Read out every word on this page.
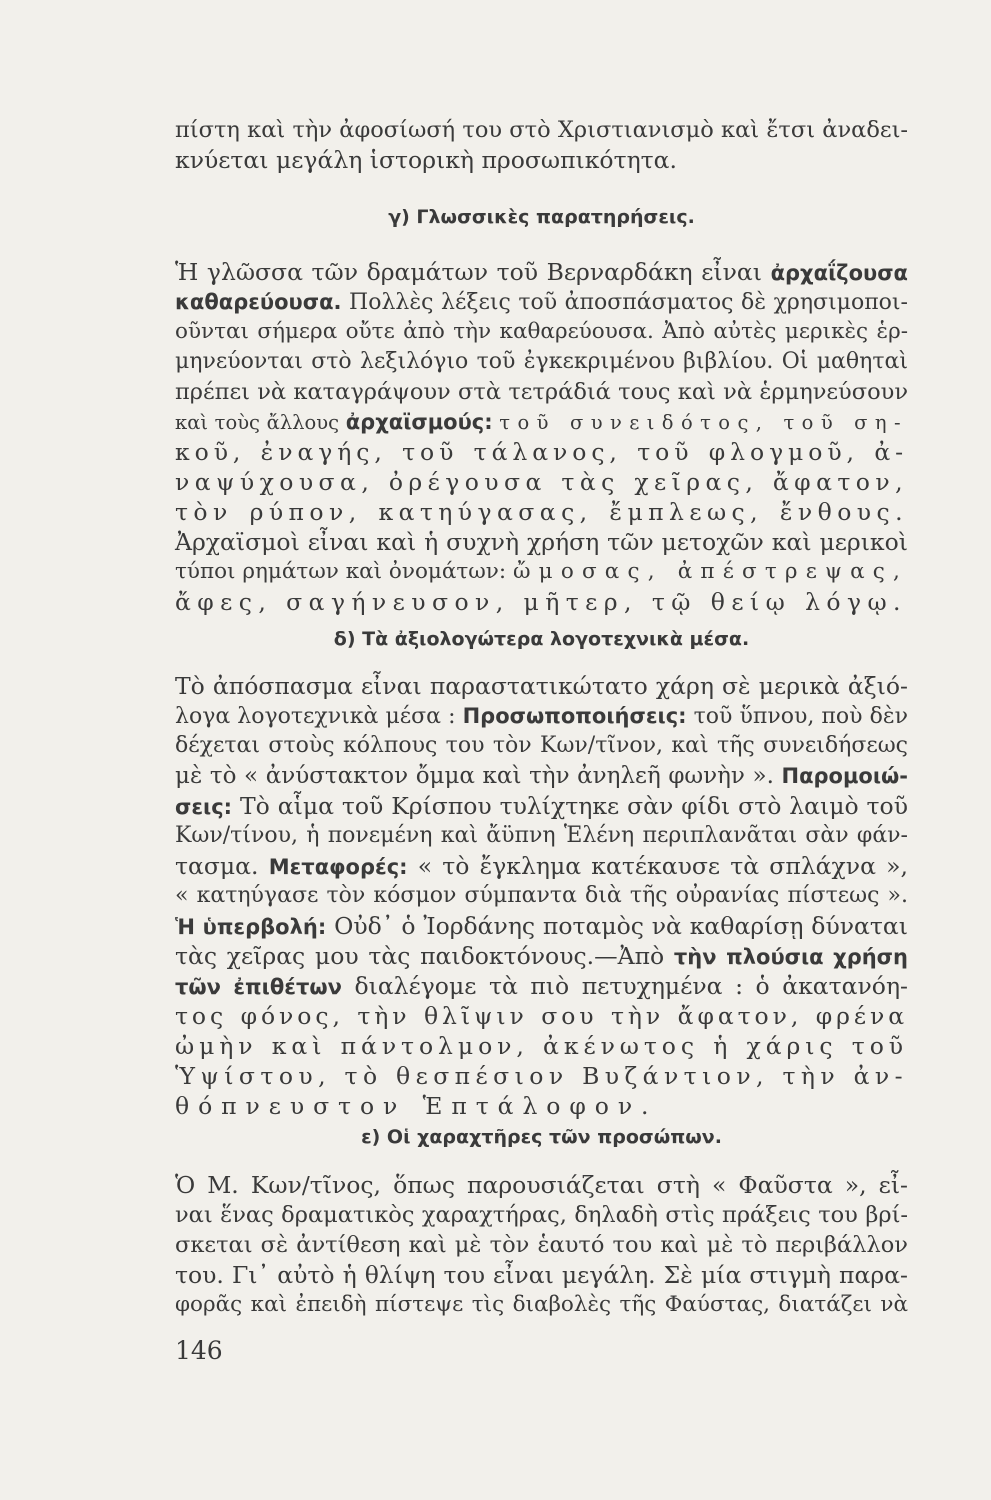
πίστη καὶ τὴν ἀφοσίωσή του στὸ Χριστιανισμὸ καὶ ἔτσι ἀναδει-
κνύεται μεγάλη ἱστορικὴ προσωπικότητα.
γ) Γλωσσικὲς παρατηρήσεις.
Ἡ γλῶσσα τῶν δραμάτων τοῦ Βερναρδάκη εἶναι ἀρχαΐζουσα
καθαρεύουσα. Πολλὲς λέξεις τοῦ ἀποσπάσματος δὲ χρησιμοποι-
οῦνται σήμερα οὔτε ἀπὸ τὴν καθαρεύουσα. Ἀπὸ αὐτὲς μερικὲς ἑρ-
μηνεύονται στὸ λεξιλόγιο τοῦ ἐγκεκριμένου βιβλίου. Οἱ μαθηταὶ
πρέπει νὰ καταγράψουν στὰ τετράδιά τους καὶ νὰ ἑρμηνεύσουν
καὶ τοὺς ἄλλους ἀρχαϊσμούς: τοῦ συνειδότος, τοῦ ση-
κοῦ, ἐναγής, τοῦ τάλανος, τοῦ φλογμοῦ, ἀ-
ναψύχουσα, ὀρέγουσα τὰς χεῖρας, ἄφατον,
τὸν ρύπον, κατηύγασας, ἔμπλεως, ἔνθους.
Ἀρχαϊσμοὶ εἶναι καὶ ἡ συχνὴ χρήση τῶν μετοχῶν καὶ μερικοὶ
τύποι ρημάτων καὶ ὀνομάτων: ὤμοσας, ἀπέστρεψας,
ἄφες, σαγήνευσον, μῆτερ, τῷ θείῳ λόγῳ.
δ) Τὰ ἀξιολογώτερα λογοτεχνικὰ μέσα.
Τὸ ἀπόσπασμα εἶναι παραστατικώτατο χάρη σὲ μερικὰ ἀξιό-
λογα λογοτεχνικὰ μέσα : Προσωποποιήσεις: τοῦ ὕπνου, ποὺ δὲν
δέχεται στοὺς κόλπους του τὸν Κων/τῖνον, καὶ τῆς συνειδήσεως
μὲ τὸ « ἀνύστακτον ὄμμα καὶ τὴν ἀνηλεῆ φωνὴν ». Παρομοιώ-
σεις: Τὸ αἷμα τοῦ Κρίσπου τυλίχτηκε σὰν φίδι στὸ λαιμὸ τοῦ
Κων/τίνου, ἡ πονεμένη καὶ ἄϋπνη Ἑλένη περιπλανᾶται σὰν φάν-
τασμα. Μεταφορές: « τὸ ἔγκλημα κατέκαυσε τὰ σπλάχνα »,
« κατηύγασε τὸν κόσμον σύμπαντα διὰ τῆς οὐρανίας πίστεως ».
Ἡ ὑπερβολή: Οὐδ᾿ ὁ Ἰορδάνης ποταμὸς νὰ καθαρίσῃ δύναται
τὰς χεῖρας μου τὰς παιδοκτόνους.—Ἀπὸ τὴν πλούσια χρήση
τῶν ἐπιθέτων διαλέγομε τὰ πιὸ πετυχημένα : ὁ ἀκατανόη-
τος φόνος, τὴν θλῖψιν σου τὴν ἄφατον, φρένα
ὠμὴν καὶ πάντολμον, ἀκένωτος ἡ χάρις τοῦ
Ὑψίστου, τὸ θεσπέσιον Βυζάντιον, τὴν ἀν-
θόπνευστον Ἑπτάλοφον.
ε) Οἱ χαραχτῆρες τῶν προσώπων.
Ὁ Μ. Κων/τῖνος, ὅπως παρουσιάζεται στὴ « Φαῦστα », εἶ-
ναι ἕνας δραματικὸς χαραχτήρας, δηλαδὴ στὶς πράξεις του βρί-
σκεται σὲ ἀντίθεση καὶ μὲ τὸν ἑαυτό του καὶ μὲ τὸ περιβάλλον
του. Γι᾿ αὐτὸ ἡ θλίψη του εἶναι μεγάλη. Σὲ μία στιγμὴ παρα-
φορᾶς καὶ ἐπειδὴ πίστεψε τὶς διαβολὲς τῆς Φαύστας, διατάζει νὰ
146
